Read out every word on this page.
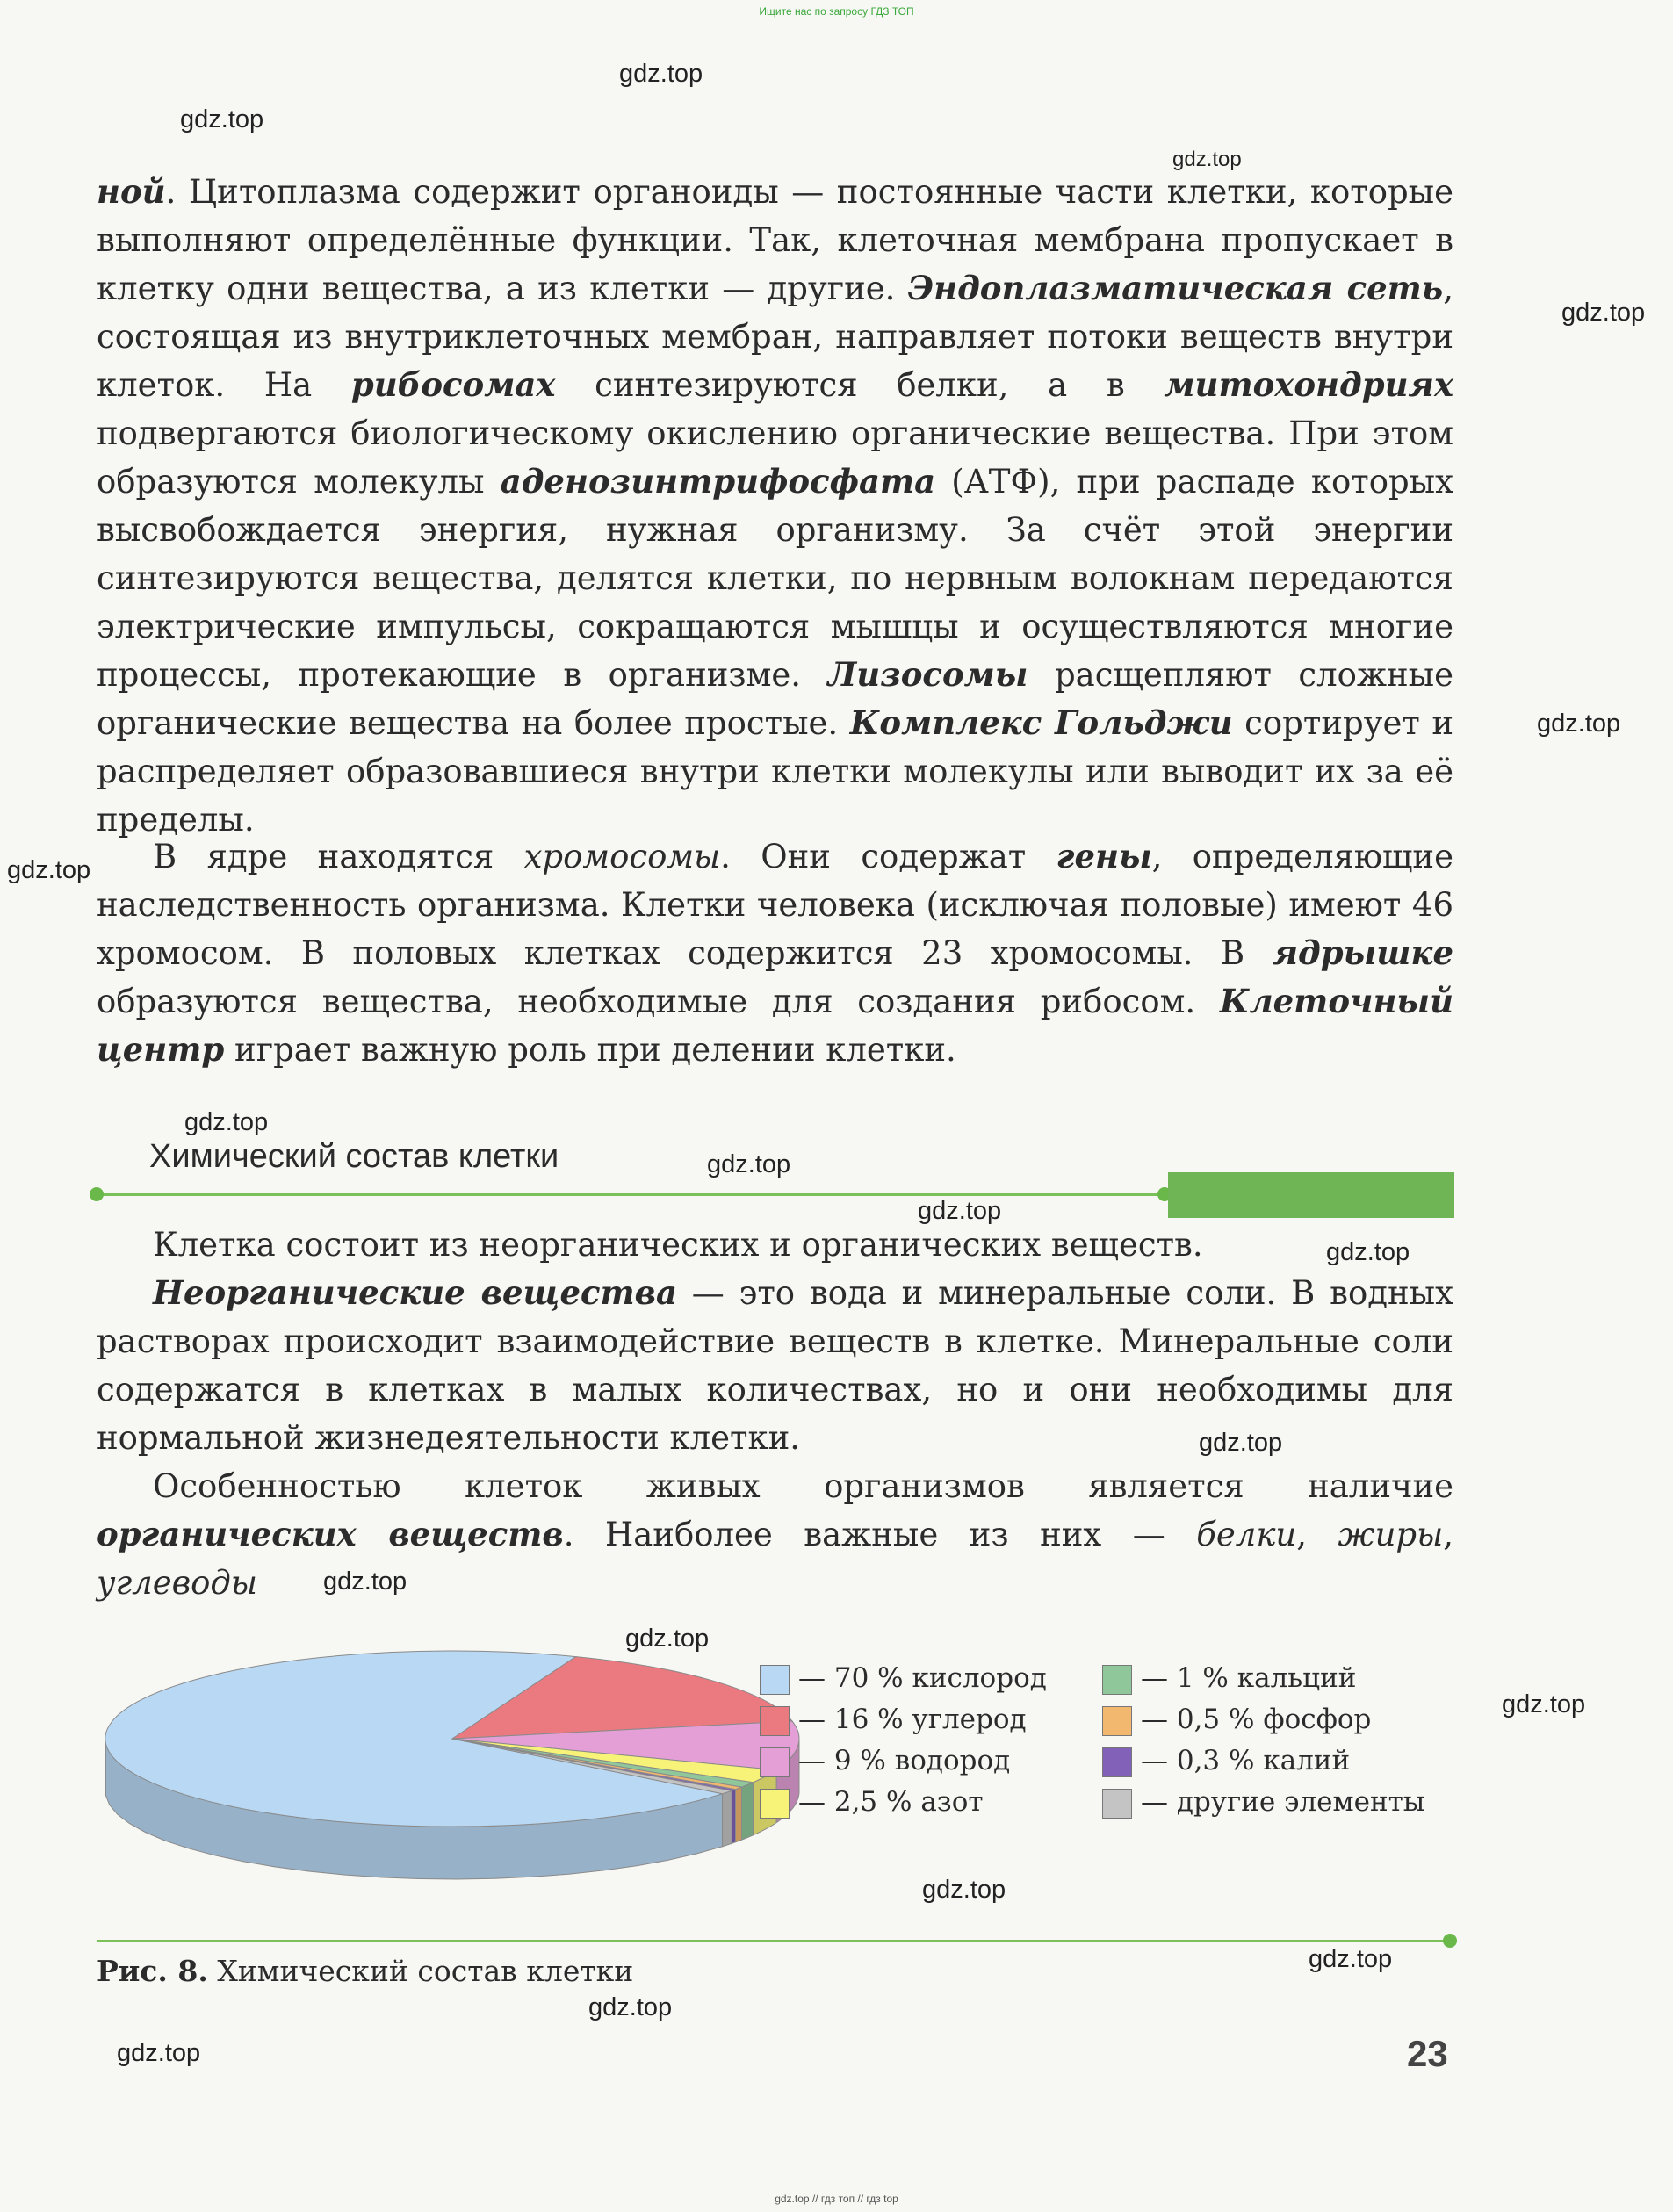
Ищите нас по запросу ГДЗ ТОП
gdz.top
gdz.top
gdz.top
gdz.top
gdz.top
gdz.top
gdz.top
gdz.top
gdz.top
gdz.top
gdz.top
gdz.top
gdz.top
gdz.top
gdz.top
gdz.top
gdz.top
gdz.top

ной. Цитоплазма содержит органоиды — постоянные части клетки, которые выполняют определённые функции. Так, клеточная мембрана пропускает в клетку одни вещества, а из клетки — другие. Эндоплазматическая сеть, состоящая из внутриклеточных мембран, направляет потоки веществ внутри клеток. На рибосомах синтезируются белки, а в митохондриях подвергаются биологическому окислению органические вещества. При этом образуются молекулы аденозинтрифосфата (АТФ), при распаде которых высвобождается энергия, нужная организму. За счёт этой энергии синтезируются вещества, делятся клетки, по нервным волокнам передаются электрические импульсы, сокращаются мышцы и осуществляются многие процессы, протекающие в организме. Лизосомы расщепляют сложные органические вещества на более простые. Комплекс Гольджи сортирует и распределяет образовавшиеся внутри клетки молекулы или выводит их за её пределы.

В ядре находятся хромосомы. Они содержат гены, определяющие наследственность организма. Клетки человека (исключая половые) имеют 46 хромосом. В половых клетках содержится 23 хромосомы. В ядрышке образуются вещества, необходимые для создания рибосом. Клеточный центр играет важную роль при делении клетки.

Химический состав клетки

Клетка состоит из неорганических и органических веществ.

Неорганические вещества — это вода и минеральные соли. В водных растворах происходит взаимодействие веществ в клетке. Минеральные соли содержатся в клетках в малых количествах, но и они необходимы для нормальной жизнедеятельности клетки.

Особенностью клеток живых организмов является наличие органических веществ. Наиболее важные из них — белки, жиры, углеводы

— 70 % кислород
— 16 % углерод
— 9 % водород
— 2,5 % азот
— 1 % кальций
— 0,5 % фосфор
— 0,3 % калий
— другие элементы
Рис. 8. Химический состав клетки
23
gdz.top // гдз топ // гдз top
